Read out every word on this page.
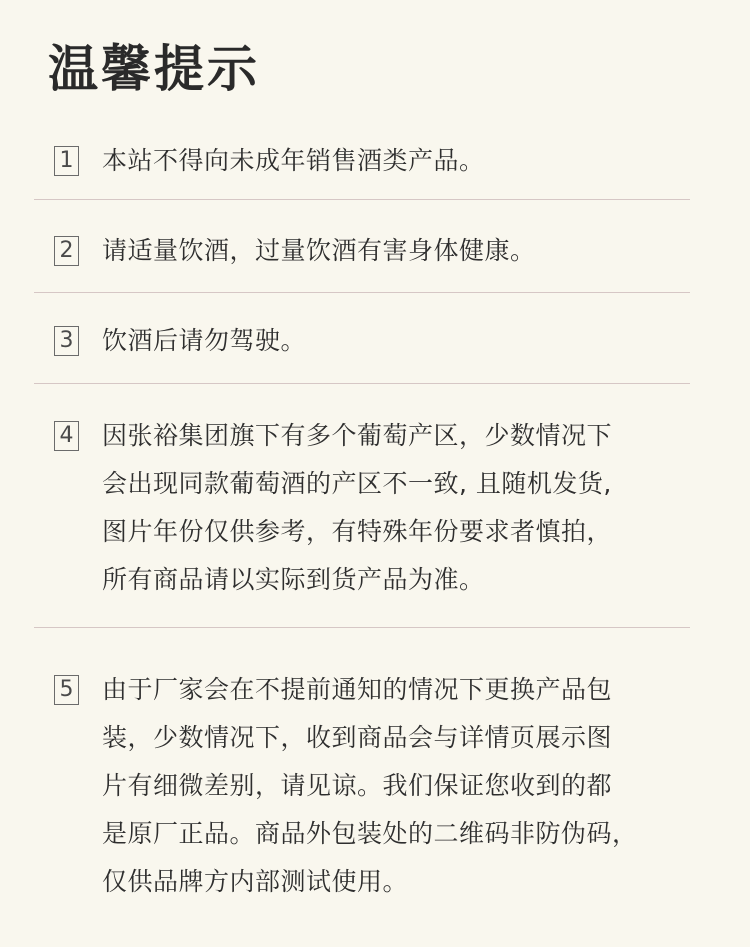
温馨提示
1 本站不得向未成年销售酒类产品。
2 请适量饮酒，过量饮酒有害身体健康。
3 饮酒后请勿驾驶。
4 因张裕集团旗下有多个葡萄产区，少数情况下
会出现同款葡萄酒的产区不一致, 且随机发货,
图片年份仅供参考，有特殊年份要求者慎拍，
所有商品请以实际到货产品为准。
5 由于厂家会在不提前通知的情况下更换产品包
装，少数情况下，收到商品会与详情页展示图
片有细微差别，请见谅。我们保证您收到的都
是原厂正品。商品外包装处的二维码非防伪码，
仅供品牌方内部测试使用。
